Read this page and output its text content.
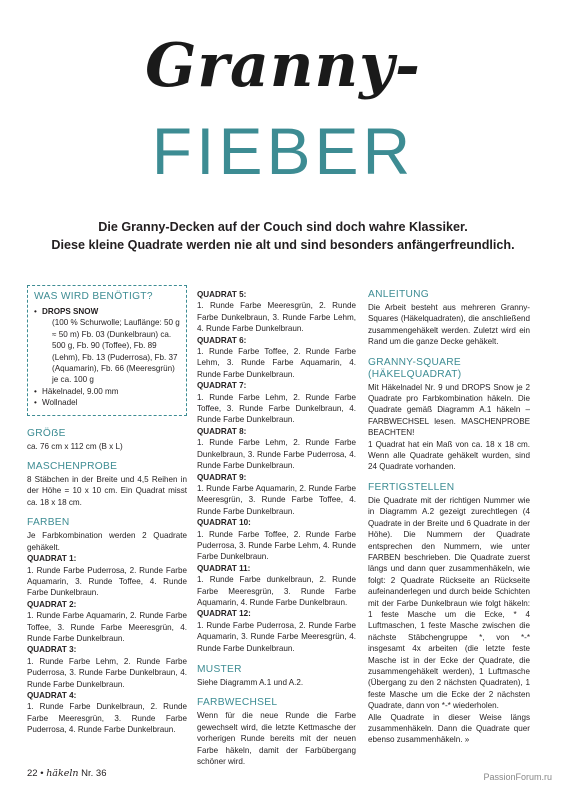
Granny-
FIEBER
Die Granny-Decken auf der Couch sind doch wahre Klassiker.
Diese kleine Quadrate werden nie alt und sind besonders anfängerfreundlich.
WAS WIRD BENÖTIGT?
• DROPS SNOW
(100 % Schurwolle; Lauflänge: 50 g ≈ 50 m) Fb. 03 (Dunkelbraun) ca. 500 g, Fb. 90 (Toffee), Fb. 89 (Lehm), Fb. 13 (Puderrosa), Fb. 37 (Aquamarin), Fb. 66 (Meeresgrün) je ca. 100 g
• Häkelnadel, 9.00 mm
• Wollnadel
GRÖẞE

ca. 76 cm x 112 cm (B x L)

MASCHENPROBE

8 Stäbchen in der Breite und 4,5 Reihen in der Höhe = 10 x 10 cm. Ein Quadrat misst ca. 18 x 18 cm.

FARBEN

Je Farbkombination werden 2 Quadrate gehäkelt.

QUADRAT 1:

1. Runde Farbe Puderrosa, 2. Runde Farbe Aquamarin, 3. Runde Toffee, 4. Runde Farbe Dunkelbraun.

QUADRAT 2:

1. Runde Farbe Aquamarin, 2. Runde Farbe Toffee, 3. Runde Farbe Meeresgrün, 4. Runde Farbe Dunkelbraun.

QUADRAT 3:

1. Runde Farbe Lehm, 2. Runde Farbe Puderrosa, 3. Runde Farbe Dunkelbraun, 4. Runde Farbe Dunkelbraun.

QUADRAT 4:

1. Runde Farbe Dunkelbraun, 2. Runde Farbe Meeresgrün, 3. Runde Farbe Puderrosa, 4. Runde Farbe Dunkelbraun.

QUADRAT 5:

1. Runde Farbe Meeresgrün, 2. Runde Farbe Dunkelbraun, 3. Runde Farbe Lehm, 4. Runde Farbe Dunkelbraun.

QUADRAT 6:

1. Runde Farbe Toffee, 2. Runde Farbe Lehm, 3. Runde Farbe Aquamarin, 4. Runde Farbe Dunkelbraun.

QUADRAT 7:

1. Runde Farbe Lehm, 2. Runde Farbe Toffee, 3. Runde Farbe Dunkelbraun, 4. Runde Farbe Dunkelbraun.

QUADRAT 8:

1. Runde Farbe Lehm, 2. Runde Farbe Dunkelbraun, 3. Runde Farbe Puderrosa, 4. Runde Farbe Dunkelbraun.

QUADRAT 9:

1. Runde Farbe Aquamarin, 2. Runde Farbe Meeresgrün, 3. Runde Farbe Toffee, 4. Runde Farbe Dunkelbraun.

QUADRAT 10:

1. Runde Farbe Toffee, 2. Runde Farbe Puderrosa, 3. Runde Farbe Lehm, 4. Runde Farbe Dunkelbraun.

QUADRAT 11:

1. Runde Farbe dunkelbraun, 2. Runde Farbe Meeresgrün, 3. Runde Farbe Aquamarin, 4. Runde Farbe Dunkelbraun.

QUADRAT 12:

1. Runde Farbe Puderrosa, 2. Runde Farbe Aquamarin, 3. Runde Farbe Meeresgrün, 4. Runde Farbe Dunkelbraun.

MUSTER

Siehe Diagramm A.1 und A.2.

FARBWECHSEL

Wenn für die neue Runde die Farbe gewechselt wird, die letzte Kettmasche der vorherigen Runde bereits mit der neuen Farbe häkeln, damit der Farbübergang schöner wird.

ANLEITUNG

Die Arbeit besteht aus mehreren Granny-Squares (Häkelquadraten), die anschließend zusammengehäkelt werden. Zuletzt wird ein Rand um die ganze Decke gehäkelt.

GRANNY-SQUARE (HÄKELQUADRAT)

Mit Häkelnadel Nr. 9 und DROPS Snow je 2 Quadrate pro Farbkombination häkeln. Die Quadrate gemäß Diagramm A.1 häkeln – FARBWECHSEL lesen. MASCHENPROBE BEACHTEN!

1 Quadrat hat ein Maß von ca. 18 x 18 cm. Wenn alle Quadrate gehäkelt wurden, sind 24 Quadrate vorhanden.

FERTIGSTELLEN

Die Quadrate mit der richtigen Nummer wie in Diagramm A.2 gezeigt zurechtlegen (4 Quadrate in der Breite und 6 Quadrate in der Höhe). Die Nummern der Quadrate entsprechen den Nummern, wie unter FARBEN beschrieben. Die Quadrate zuerst längs und dann quer zusammenhäkeln, wie folgt: 2 Quadrate Rückseite an Rückseite aufeinanderlegen und durch beide Schichten mit der Farbe Dunkelbraun wie folgt häkeln: 1 feste Masche um die Ecke, * 4 Luftmaschen, 1 feste Masche zwischen die nächste Stäbchengruppe *, von *-* insgesamt 4x arbeiten (die letzte feste Masche ist in der Ecke der Quadrate, die zusammengehäkelt werden), 1 Luftmasche (Übergang zu den 2 nächsten Quadraten), 1 feste Masche um die Ecke der 2 nächsten Quadrate, dann von *-* wiederholen.

Alle Quadrate in dieser Weise längs zusammenhäkeln. Dann die Quadrate quer ebenso zusammenhäkeln. »

22 • häkeln Nr. 36	PassionForum.ru
